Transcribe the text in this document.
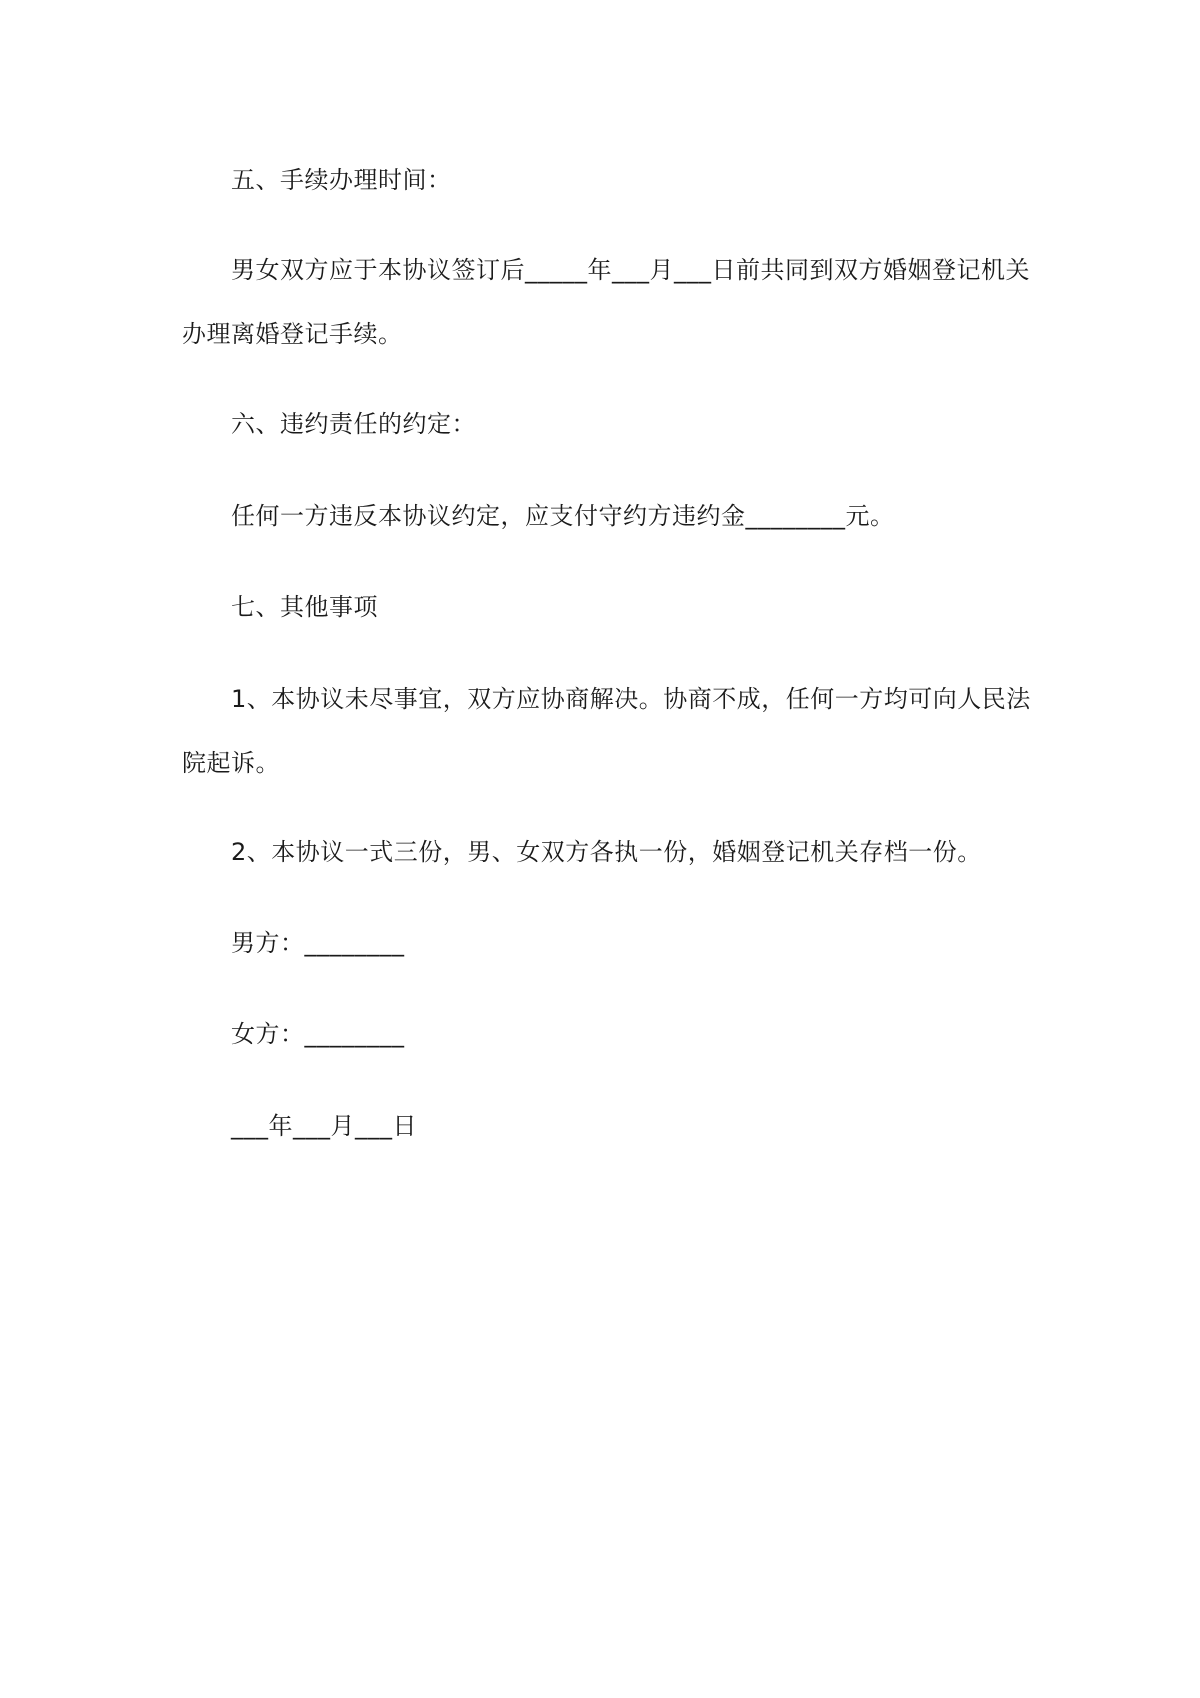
五、手续办理时间：

男女双方应于本协议签订后_____年___月___日前共同到双方婚姻登记机关办理离婚登记手续。

六、违约责任的约定：

任何一方违反本协议约定，应支付守约方违约金________元。

七、其他事项

1、本协议未尽事宜，双方应协商解决。协商不成，任何一方均可向人民法院起诉。

2、本协议一式三份，男、女双方各执一份，婚姻登记机关存档一份。

男方：________

女方：________

___年___月___日
